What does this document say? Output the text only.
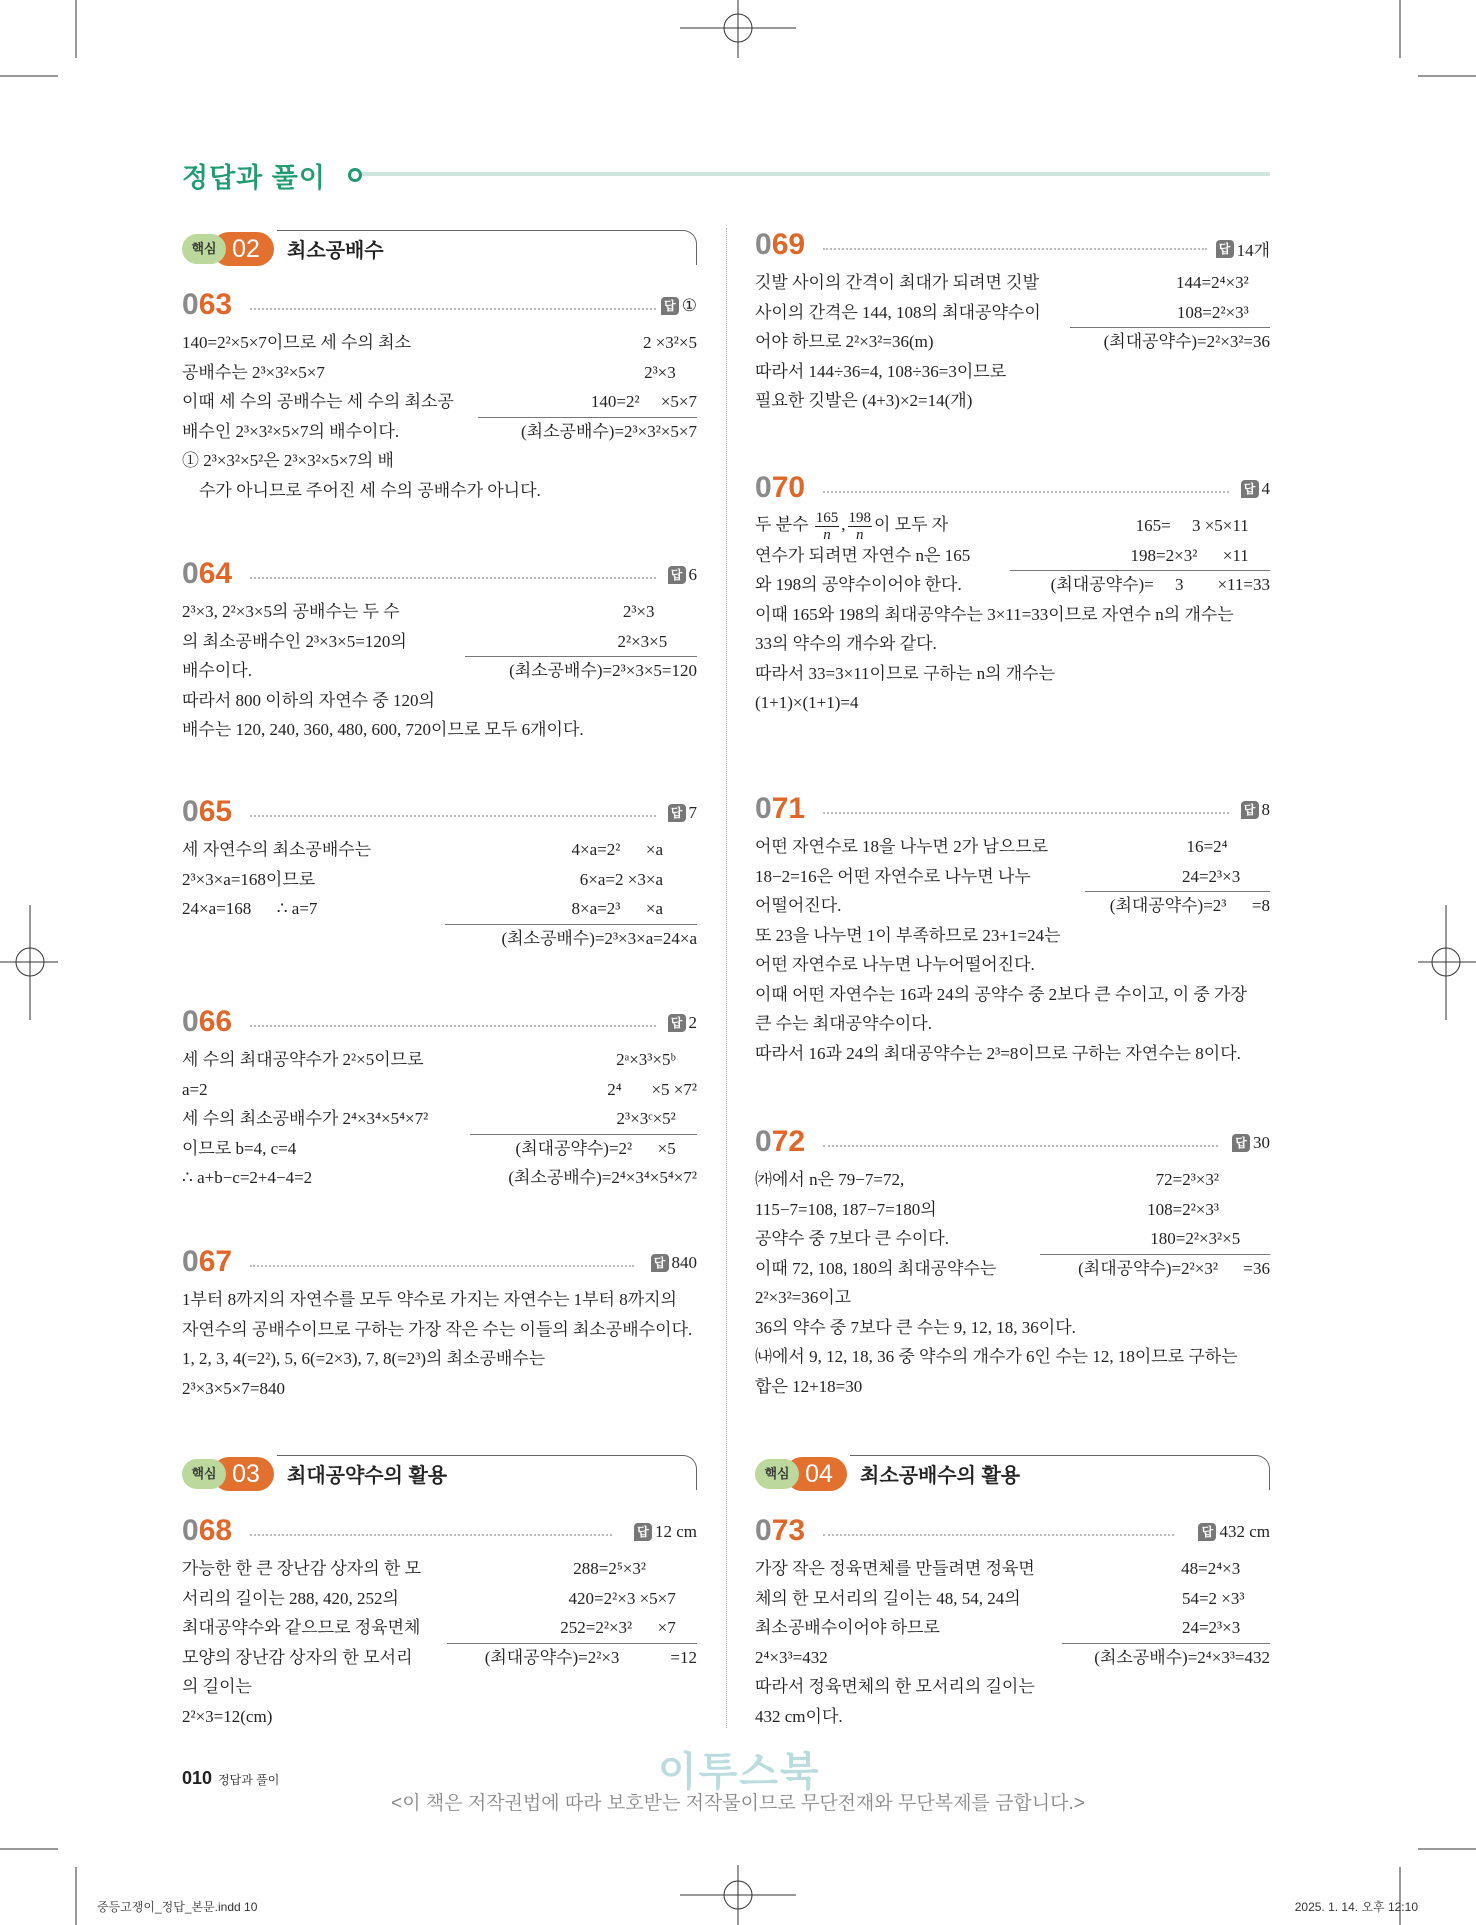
정답과 풀이
핵심 02	최소공배수
핵심 03	최대공약수의 활용	핵심 04	최소공배수의 활용
063	답 ①
140=2²×5×7이므로 세 수의 최소
공배수는 2³×3²×5×7
이때 세 수의 공배수는 세 수의 최소공
배수인 2³×3²×5×7의 배수이다.
① 2³×3²×5²은 2³×3²×5×7의 배
수가 아니므로 주어진 세 수의 공배수가 아니다.
2 ×3²×5
2³×3
140=2²     ×5×7
(최소공배수)=2³×3²×5×7
064	답 6
2³×3, 2²×3×5의 공배수는 두 수
의 최소공배수인 2³×3×5=120의
배수이다.
따라서 800 이하의 자연수 중 120의
배수는 120, 240, 360, 480, 600, 720이므로 모두 6개이다.
2³×3
2²×3×5
(최소공배수)=2³×3×5=120
065	답 7
세 자연수의 최소공배수는
2³×3×a=168이므로
24×a=168      ∴ a=7
4×a=2²      ×a
6×a=2 ×3×a
8×a=2³      ×a
(최소공배수)=2³×3×a=24×a
066	답 2
세 수의 최대공약수가 2²×5이므로
a=2
세 수의 최소공배수가 2⁴×3⁴×5⁴×7²
이므로 b=4, c=4
∴ a+b−c=2+4−4=2
2ᵃ×3³×5ᵇ
2⁴       ×5 ×7²
2³×3ᶜ×5²
(최대공약수)=2²      ×5
(최소공배수)=2⁴×3⁴×5⁴×7²
067	답 840
1부터 8까지의 자연수를 모두 약수로 가지는 자연수는 1부터 8까지의
자연수의 공배수이므로 구하는 가장 작은 수는 이들의 최소공배수이다.
1, 2, 3, 4(=2²), 5, 6(=2×3), 7, 8(=2³)의 최소공배수는
2³×3×5×7=840
068	답 12 cm
가능한 한 큰 장난감 상자의 한 모
서리의 길이는 288, 420, 252의
최대공약수와 같으므로 정육면체
모양의 장난감 상자의 한 모서리
의 길이는
2²×3=12(cm)
288=2⁵×3²
420=2²×3 ×5×7
252=2²×3²      ×7
(최대공약수)=2²×3            =12
069	답 14개
깃발 사이의 간격이 최대가 되려면 깃발
사이의 간격은 144, 108의 최대공약수이
어야 하므로 2²×3²=36(m)
따라서 144÷36=4, 108÷36=3이므로
필요한 깃발은 (4+3)×2=14(개)
144=2⁴×3²
108=2²×3³
(최대공약수)=2²×3²=36
070	답 4
두 분수 $\frac{165}{n}$ , $\frac{198}{n}$ 이 모두 자
연수가 되려면 자연수 n은 165
와 198의 공약수이어야 한다.
이때 165와 198의 최대공약수는 3×11=33이므로 자연수 n의 개수는
33의 약수의 개수와 같다.
따라서 33=3×11이므로 구하는 n의 개수는
(1+1)×(1+1)=4
165=     3 ×5×11
198=2×3²      ×11
(최대공약수)=     3        ×11=33
071	답 8
어떤 자연수로 18을 나누면 2가 남으므로
18−2=16은 어떤 자연수로 나누면 나누
어떨어진다.
또 23을 나누면 1이 부족하므로 23+1=24는
어떤 자연수로 나누면 나누어떨어진다.
이때 어떤 자연수는 16과 24의 공약수 중 2보다 큰 수이고, 이 중 가장
큰 수는 최대공약수이다.
따라서 16과 24의 최대공약수는 2³=8이므로 구하는 자연수는 8이다.
16=2⁴
24=2³×3
(최대공약수)=2³      =8
072	답 30
㈎에서 n은 79−7=72,
115−7=108, 187−7=180의
공약수 중 7보다 큰 수이다.
이때 72, 108, 180의 최대공약수는
2²×3²=36이고
36의 약수 중 7보다 큰 수는 9, 12, 18, 36이다.
㈏에서 9, 12, 18, 36 중 약수의 개수가 6인 수는 12, 18이므로 구하는
합은 12+18=30
72=2³×3²
108=2²×3³
180=2²×3²×5
(최대공약수)=2²×3²      =36
073	답 432 cm
가장 작은 정육면체를 만들려면 정육면
체의 한 모서리의 길이는 48, 54, 24의
최소공배수이어야 하므로
2⁴×3³=432
따라서 정육면체의 한 모서리의 길이는
432 cm이다.
48=2⁴×3
54=2 ×3³
24=2³×3
(최소공배수)=2⁴×3³=432
이투스북
010 정답과 풀이
<이 책은 저작권법에 따라 보호받는 저작물이므로 무단전재와 무단복제를 금합니다.>
중등고쟁이_정답_본문.indd 10	2025. 1. 14. 오후 12:10
